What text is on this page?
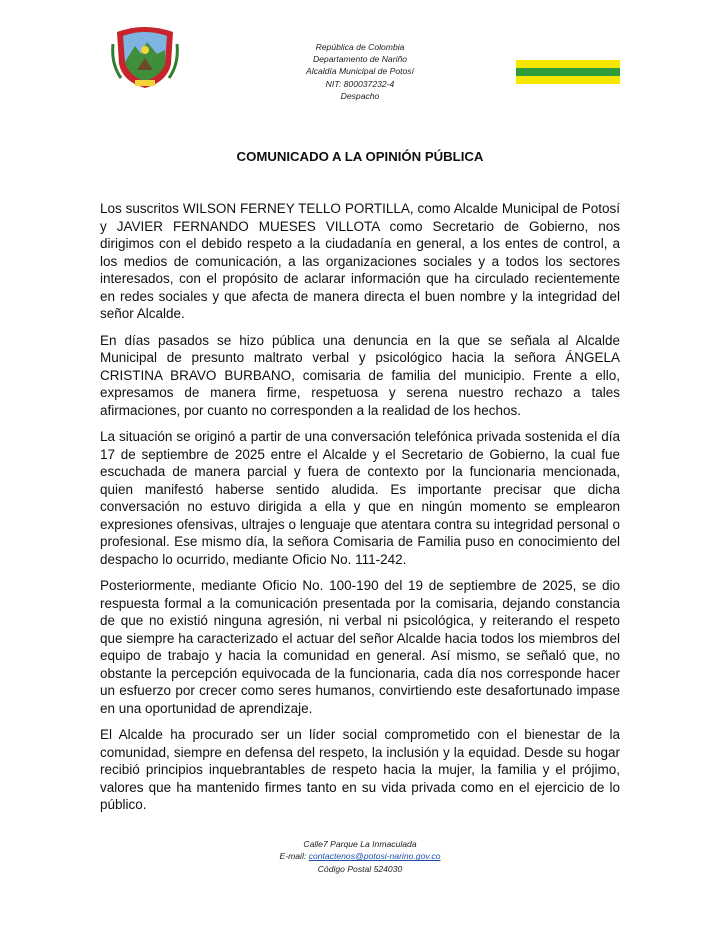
República de Colombia
Departamento de Nariño
Alcaldía Municipal de Potosí
NIT: 800037232-4
Despacho
COMUNICADO A LA OPINIÓN PÚBLICA

Los suscritos WILSON FERNEY TELLO PORTILLA, como Alcalde Municipal de Potosí y JAVIER FERNANDO MUESES VILLOTA como Secretario de Gobierno, nos dirigimos con el debido respeto a la ciudadanía en general, a los entes de control, a los medios de comunicación, a las organizaciones sociales y a todos los sectores interesados, con el propósito de aclarar información que ha circulado recientemente en redes sociales y que afecta de manera directa el buen nombre y la integridad del señor Alcalde.

En días pasados se hizo pública una denuncia en la que se señala al Alcalde Municipal de presunto maltrato verbal y psicológico hacia la señora ÁNGELA CRISTINA BRAVO BURBANO, comisaria de familia del municipio. Frente a ello, expresamos de manera firme, respetuosa y serena nuestro rechazo a tales afirmaciones, por cuanto no corresponden a la realidad de los hechos.

La situación se originó a partir de una conversación telefónica privada sostenida el día 17 de septiembre de 2025 entre el Alcalde y el Secretario de Gobierno, la cual fue escuchada de manera parcial y fuera de contexto por la funcionaria mencionada, quien manifestó haberse sentido aludida. Es importante precisar que dicha conversación no estuvo dirigida a ella y que en ningún momento se emplearon expresiones ofensivas, ultrajes o lenguaje que atentara contra su integridad personal o profesional. Ese mismo día, la señora Comisaria de Familia puso en conocimiento del despacho lo ocurrido, mediante Oficio No. 111-242.

Posteriormente, mediante Oficio No. 100-190 del 19 de septiembre de 2025, se dio respuesta formal a la comunicación presentada por la comisaria, dejando constancia de que no existió ninguna agresión, ni verbal ni psicológica, y reiterando el respeto que siempre ha caracterizado el actuar del señor Alcalde hacia todos los miembros del equipo de trabajo y hacia la comunidad en general. Así mismo, se señaló que, no obstante la percepción equivocada de la funcionaria, cada día nos corresponde hacer un esfuerzo por crecer como seres humanos, convirtiendo este desafortunado impase en una oportunidad de aprendizaje.

El Alcalde ha procurado ser un líder social comprometido con el bienestar de la comunidad, siempre en defensa del respeto, la inclusión y la equidad. Desde su hogar recibió principios inquebrantables de respeto hacia la mujer, la familia y el prójimo, valores que ha mantenido firmes tanto en su vida privada como en el ejercicio de lo público.

Calle7 Parque La Inmaculada
E-mail: contactenos@potosi-narino.gov.co
Código Postal 524030
